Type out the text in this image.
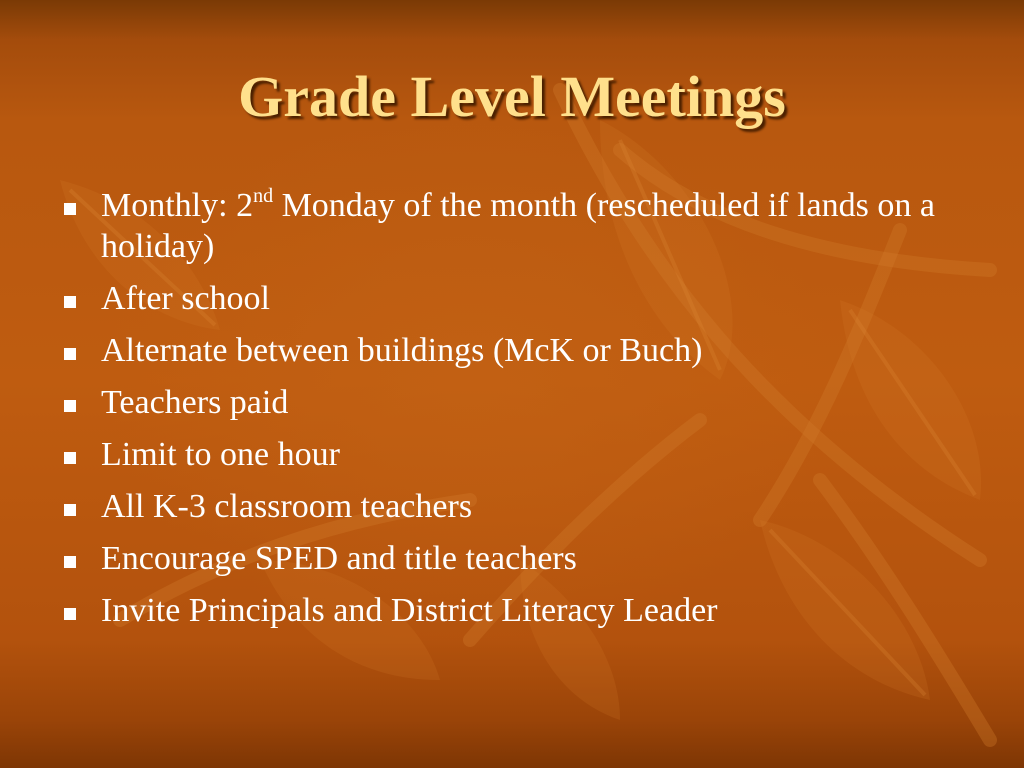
Grade Level Meetings
Monthly: 2nd Monday of the month (rescheduled if lands on a holiday)
After school
Alternate between buildings (McK or Buch)
Teachers paid
Limit to one hour
All K-3 classroom teachers
Encourage SPED and title teachers
Invite Principals and District Literacy Leader
